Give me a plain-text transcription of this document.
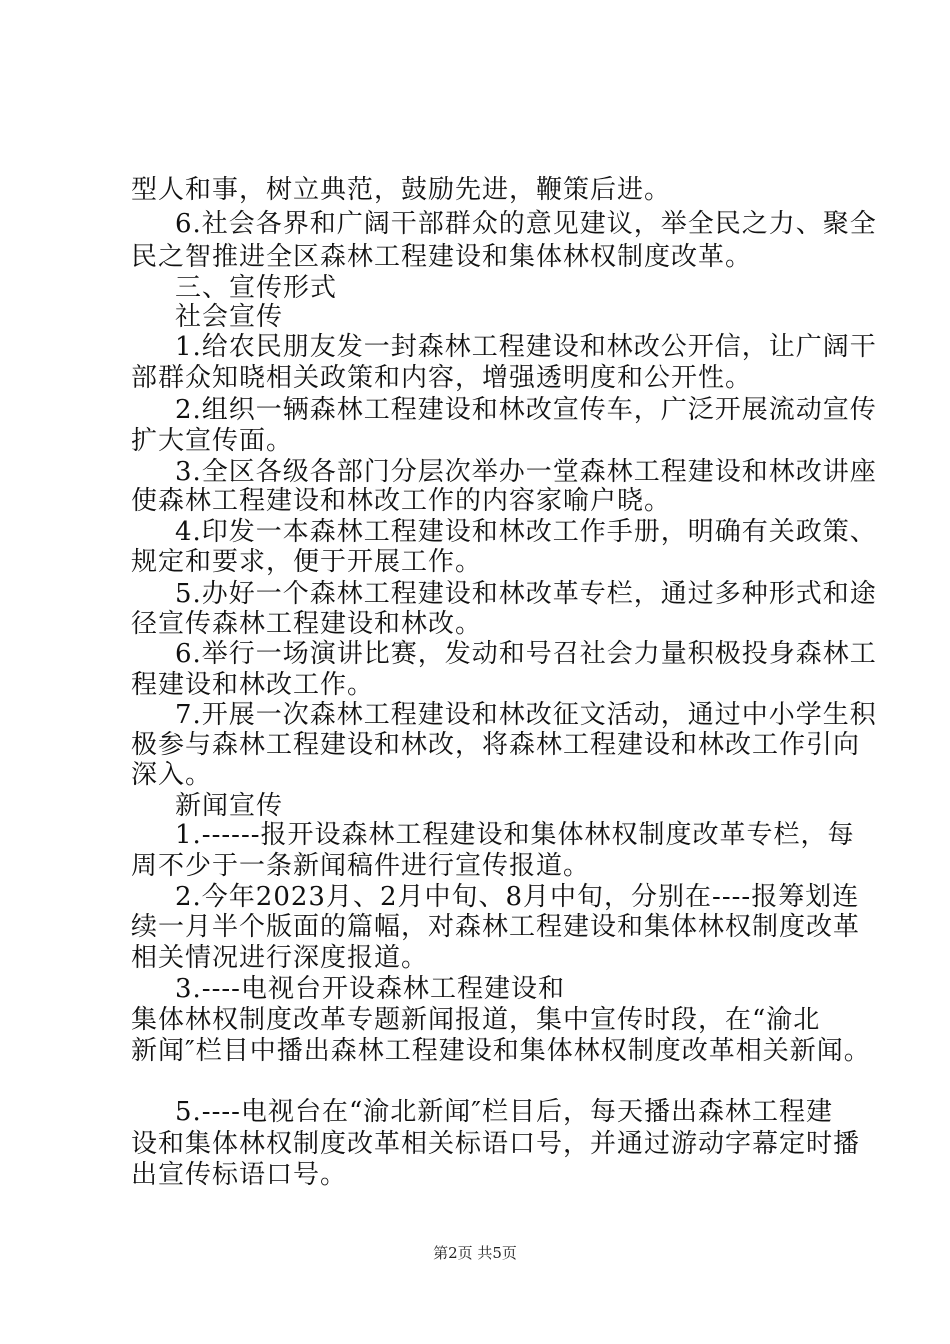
型人和事，树立典范，鼓励先进，鞭策后进。
6.社会各界和广阔干部群众的意见建议，举全民之力、聚全
民之智推进全区森林工程建设和集体林权制度改革。
三、宣传形式
社会宣传
1.给农民朋友发一封森林工程建设和林改公开信，让广阔干
部群众知晓相关政策和内容，增强透明度和公开性。
2.组织一辆森林工程建设和林改宣传车，广泛开展流动宣传
扩大宣传面。
3.全区各级各部门分层次举办一堂森林工程建设和林改讲座
使森林工程建设和林改工作的内容家喻户晓。
4.印发一本森林工程建设和林改工作手册，明确有关政策、
规定和要求，便于开展工作。
5.办好一个森林工程建设和林改革专栏，通过多种形式和途
径宣传森林工程建设和林改。
6.举行一场演讲比赛，发动和号召社会力量积极投身森林工
程建设和林改工作。
7.开展一次森林工程建设和林改征文活动，通过中小学生积
极参与森林工程建设和林改，将森林工程建设和林改工作引向
深入。
新闻宣传
1.------报开设森林工程建设和集体林权制度改革专栏，每
周不少于一条新闻稿件进行宣传报道。
2.今年2023月、2月中旬、8月中旬，分别在----报筹划连
续一月半个版面的篇幅，对森林工程建设和集体林权制度改革
相关情况进行深度报道。
3.----电视台开设森林工程建设和
集体林权制度改革专题新闻报道，集中宣传时段，在“渝北
新闻″栏目中播出森林工程建设和集体林权制度改革相关新闻。
5.----电视台在“渝北新闻″栏目后，每天播出森林工程建
设和集体林权制度改革相关标语口号，并通过游动字幕定时播
出宣传标语口号。
第2页 共5页
